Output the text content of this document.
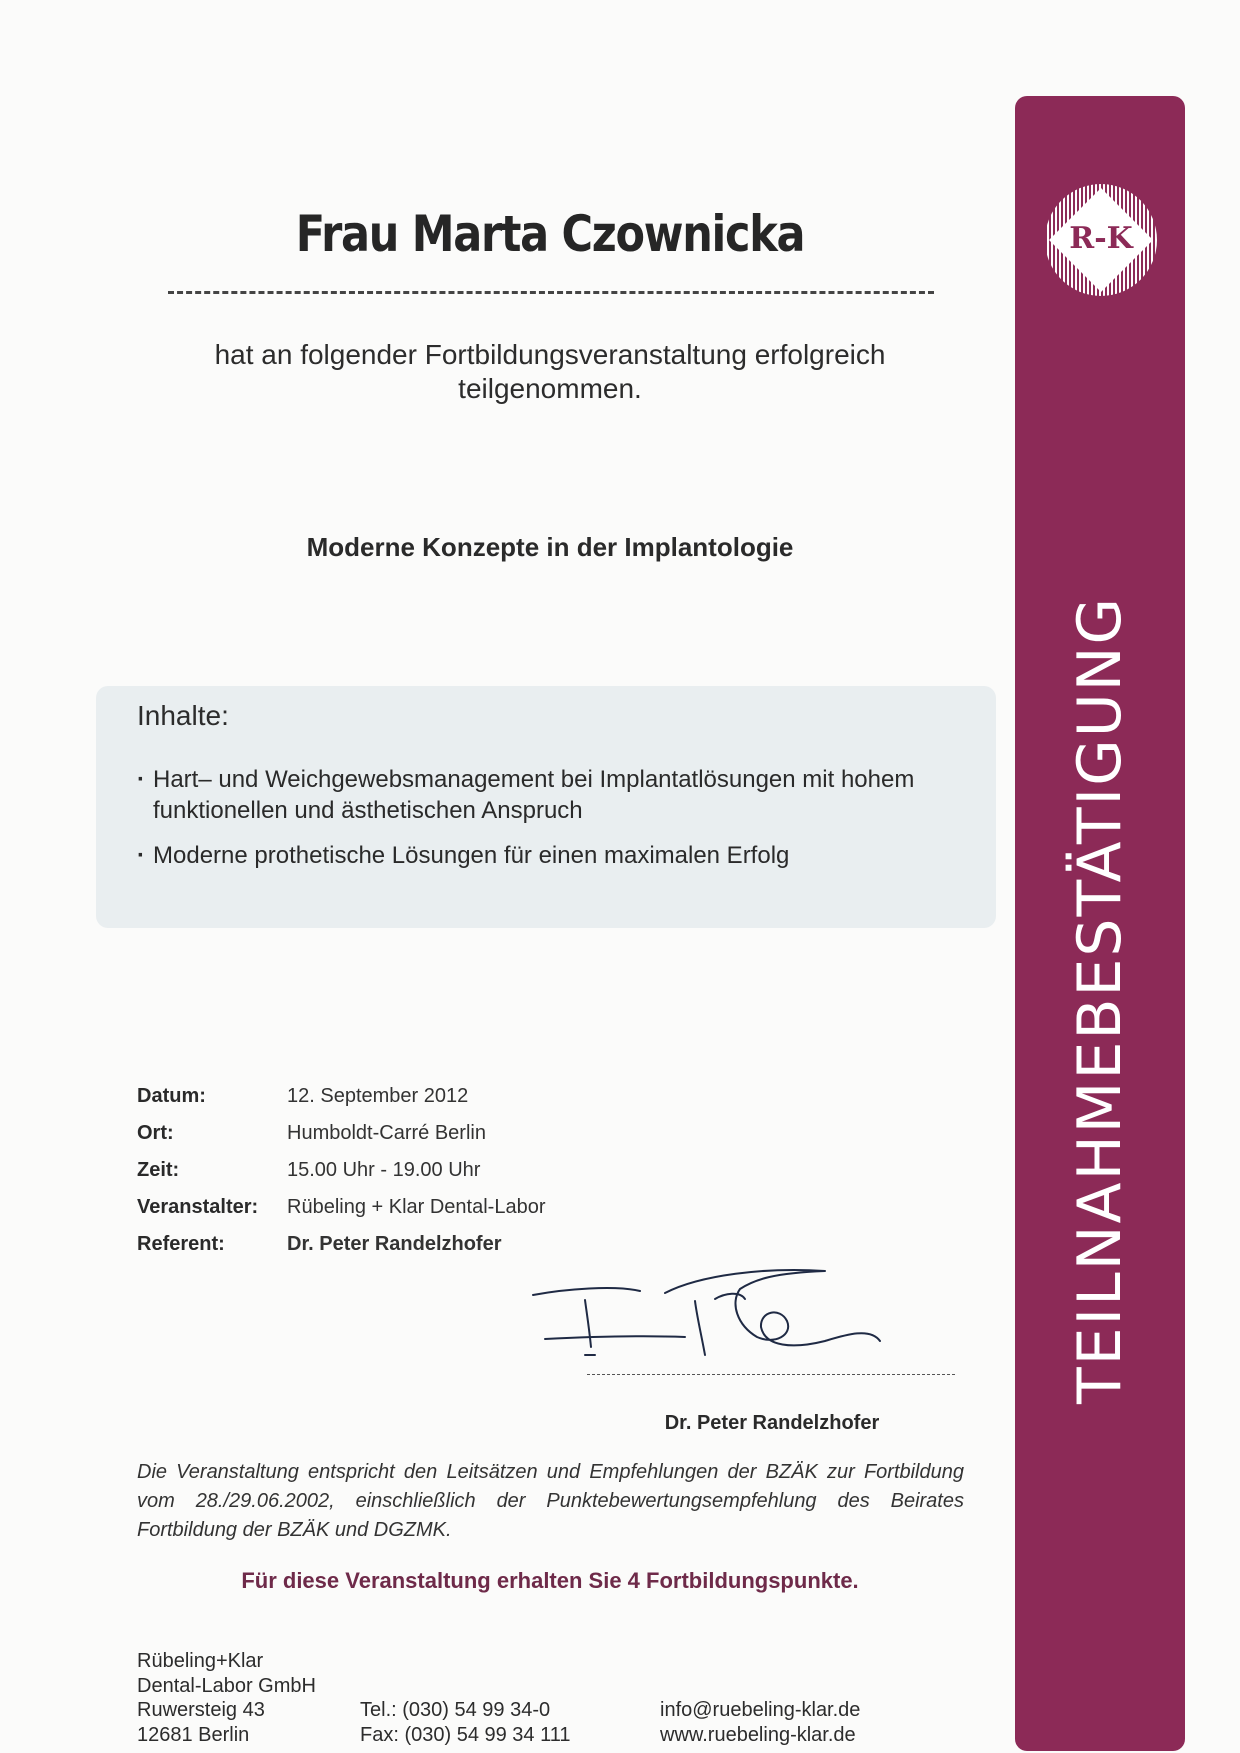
Frau Marta Czownicka
hat an folgender Fortbildungsveranstaltung erfolgreich
teilgenommen.
Moderne Konzepte in der Implantologie
Inhalte:
· Hart– und Weichgewebsmanagement bei Implantatlösungen mit hohem funktionellen und ästhetischen Anspruch
· Moderne prothetische Lösungen für einen maximalen Erfolg
Datum:	12. September 2012
Ort:	Humboldt-Carré Berlin
Zeit:	15.00 Uhr - 19.00 Uhr
Veranstalter:	Rübeling + Klar Dental-Labor
Referent:	Dr. Peter Randelzhofer
Dr. Peter Randelzhofer
Die Veranstaltung entspricht den Leitsätzen und Empfehlungen der BZÄK zur Fortbildung vom 28./29.06.2002, einschließlich der Punktebewertungsempfehlung des Beirates Fortbildung der BZÄK und DGZMK.
Für diese Veranstaltung erhalten Sie 4 Fortbildungspunkte.
Rübeling+Klar
Dental-Labor GmbH
Ruwersteig 43
12681 Berlin
Tel.: (030) 54 99 34-0
Fax: (030) 54 99 34 111
info@ruebeling-klar.de
www.ruebeling-klar.de
R-K
TEILNAHMEBESTÄTIGUNG
